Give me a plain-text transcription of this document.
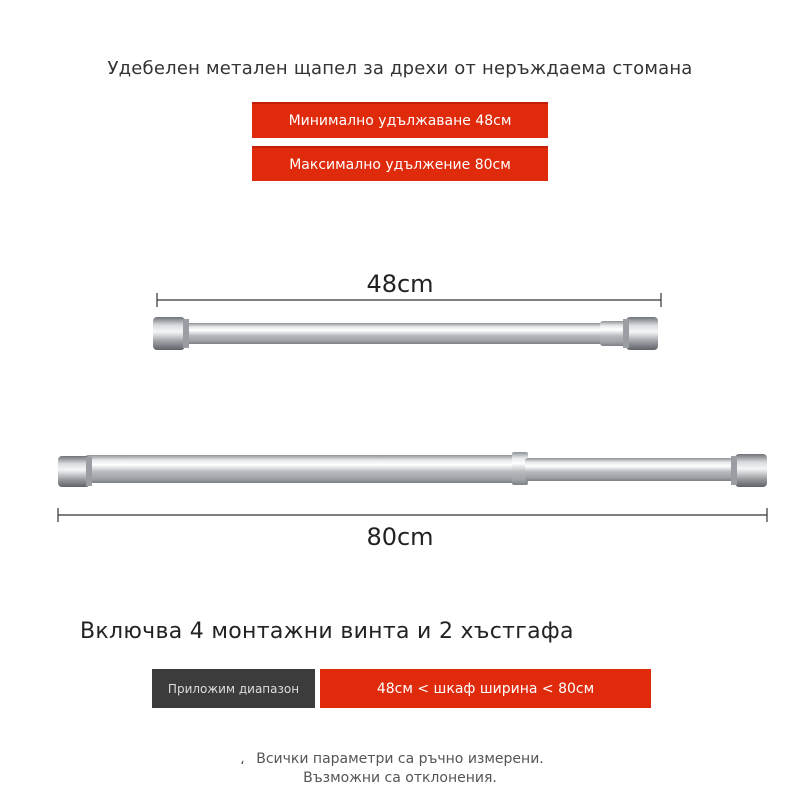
Удебелен метален щапел за дрехи от неръждаема стомана
Минимално удължаване 48см
Максимално удължение 80см
48cm
80cm
Включва 4 монтажни винта и 2 хъстгафа
Приложим диапазон	48см < шкаф ширина < 80см
، Всички параметри са ръчно измерени.
Възможни са отклонения.
